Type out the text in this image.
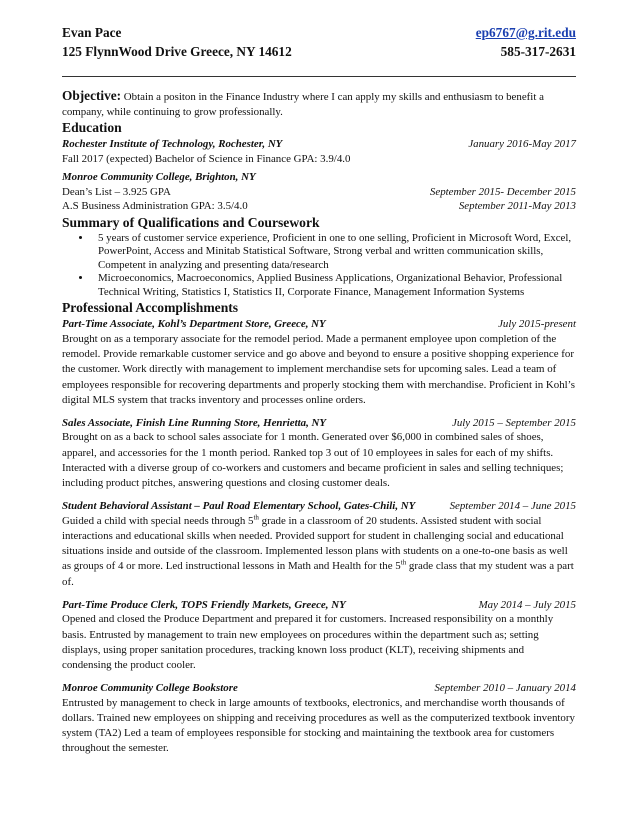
Evan Pace	ep6767@g.rit.edu
125 FlynnWood Drive Greece, NY 14612	585-317-2631
Objective: Obtain a positon in the Finance Industry where I can apply my skills and enthusiasm to benefit a company, while continuing to grow professionally.
Education
Rochester Institute of Technology, Rochester, NY	January 2016-May 2017
Fall 2017 (expected) Bachelor of Science in Finance GPA: 3.9/4.0
Monroe Community College, Brighton, NY
Dean’s List – 3.925 GPA	September 2015- December 2015
A.S Business Administration GPA: 3.5/4.0	September 2011-May 2013
Summary of Qualifications and Coursework
• 5 years of customer service experience, Proficient in one to one selling, Proficient in Microsoft Word, Excel, PowerPoint, Access and Minitab Statistical Software, Strong verbal and written communication skills, Competent in analyzing and presenting data/research
• Microeconomics, Macroeconomics, Applied Business Applications, Organizational Behavior, Professional Technical Writing, Statistics I, Statistics II, Corporate Finance, Management Information Systems
Professional Accomplishments
Part-Time Associate, Kohl’s Department Store, Greece, NY	July 2015-present
Brought on as a temporary associate for the remodel period. Made a permanent employee upon completion of the remodel. Provide remarkable customer service and go above and beyond to ensure a positive shopping experience for the customer. Work directly with management to implement merchandise sets for upcoming sales. Lead a team of employees responsible for recovering departments and properly stocking them with merchandise. Proficient in Kohl’s digital MLS system that tracks inventory and processes online orders.
Sales Associate, Finish Line Running Store, Henrietta, NY	July 2015 – September 2015
Brought on as a back to school sales associate for 1 month. Generated over $6,000 in combined sales of shoes, apparel, and accessories for the 1 month period. Ranked top 3 out of 10 employees in sales for each of my shifts. Interacted with a diverse group of co-workers and customers and became proficient in sales and selling techniques; including product pitches, answering questions and closing customer deals.
Student Behavioral Assistant – Paul Road Elementary School, Gates-Chili, NY	September 2014 – June 2015
Guided a child with special needs through 5th grade in a classroom of 20 students. Assisted student with social interactions and educational skills when needed. Provided support for student in challenging social and educational situations inside and outside of the classroom. Implemented lesson plans with students on a one-to-one basis as well as groups of 4 or more. Led instructional lessons in Math and Health for the 5th grade class that my student was a part of.
Part-Time Produce Clerk, TOPS Friendly Markets, Greece, NY	May 2014 – July 2015
Opened and closed the Produce Department and prepared it for customers. Increased responsibility on a monthly basis. Entrusted by management to train new employees on procedures within the department such as; setting displays, using proper sanitation procedures, tracking known loss product (KLT), receiving shipments and condensing the product cooler.
Monroe Community College Bookstore	September 2010 – January 2014
Entrusted by management to check in large amounts of textbooks, electronics, and merchandise worth thousands of dollars. Trained new employees on shipping and receiving procedures as well as the computerized textbook inventory system (TA2) Led a team of employees responsible for stocking and maintaining the textbook area for customers throughout the semester.
